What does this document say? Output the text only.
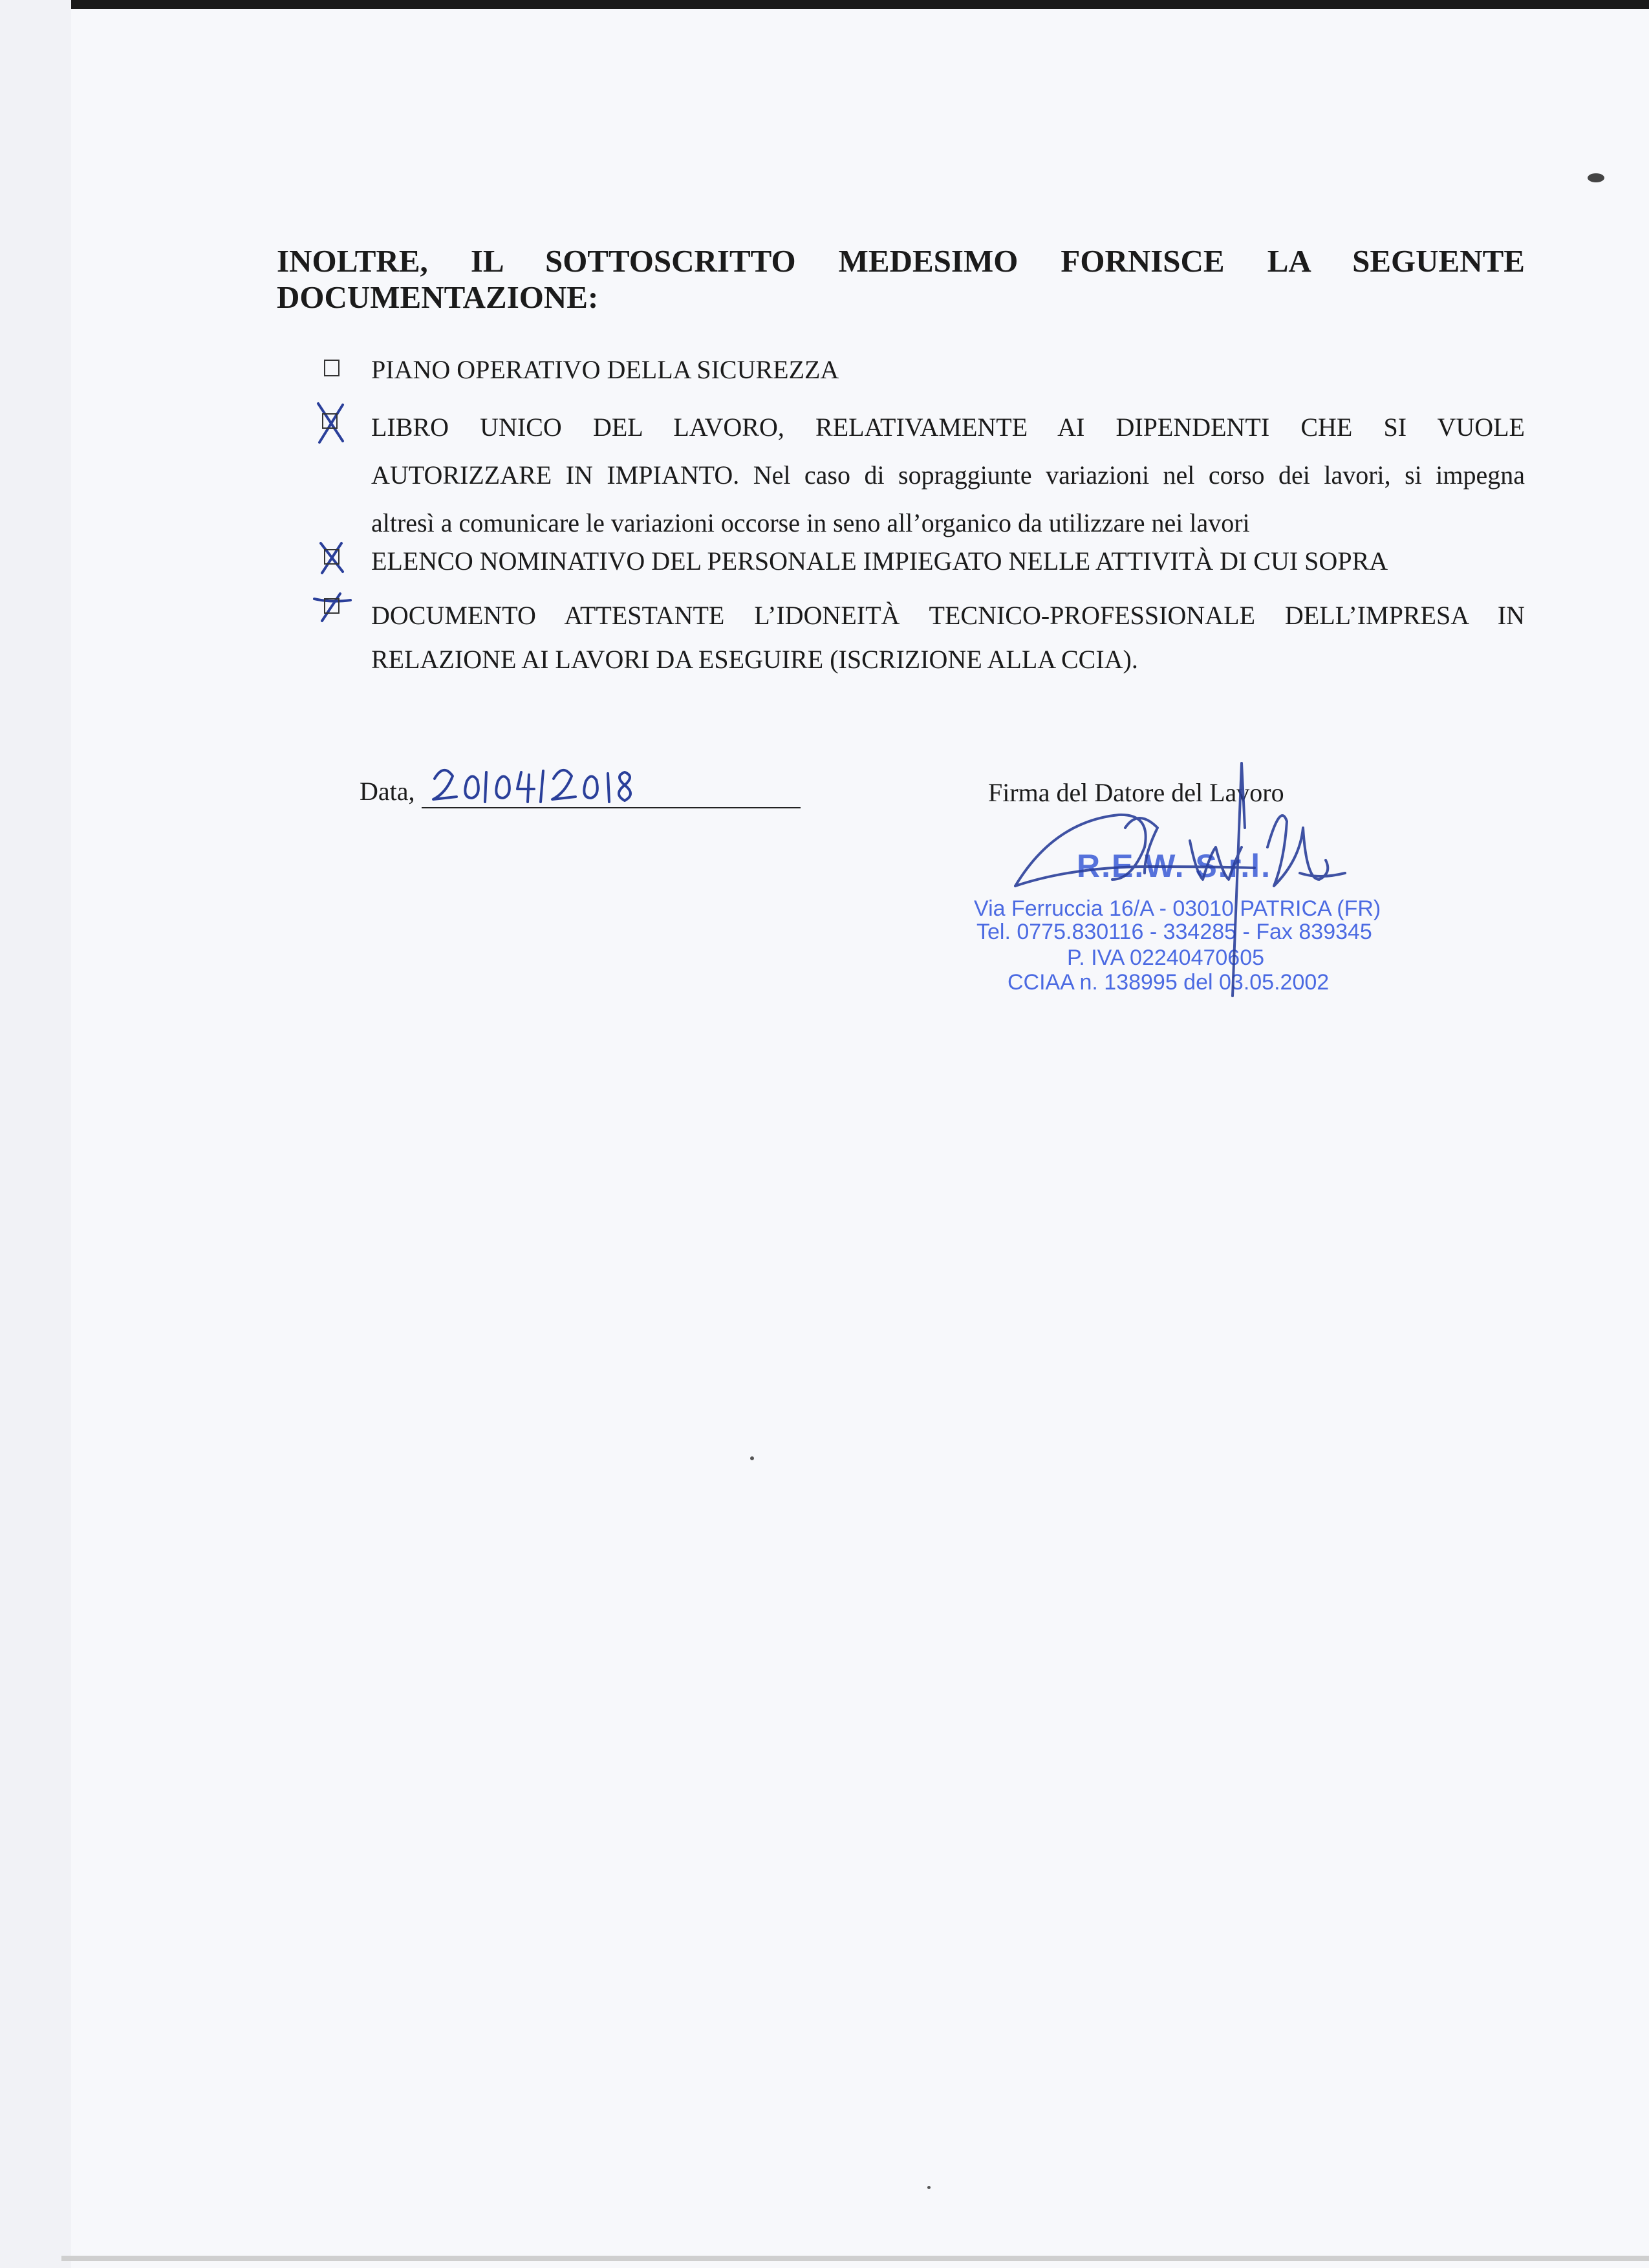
INOLTRE, IL SOTTOSCRITTO MEDESIMO FORNISCE LA SEGUENTE
DOCUMENTAZIONE:
PIANO OPERATIVO DELLA SICUREZZA
LIBRO UNICO DEL LAVORO, RELATIVAMENTE AI DIPENDENTI CHE SI VUOLE
AUTORIZZARE IN IMPIANTO. Nel caso di sopraggiunte variazioni nel corso dei lavori, si impegna
altresì a comunicare le variazioni occorse in seno all’organico da utilizzare nei lavori
ELENCO NOMINATIVO DEL PERSONALE IMPIEGATO NELLE ATTIVITÀ DI CUI SOPRA
DOCUMENTO ATTESTANTE L’IDONEITÀ TECNICO-PROFESSIONALE DELL’IMPRESA IN
RELAZIONE AI LAVORI DA ESEGUIRE (ISCRIZIONE ALLA CCIA).
Data,	Firma del Datore del Lavoro
R.E.W. S.r.l.
Via Ferruccia 16/A - 03010 PATRICA (FR)
Tel. 0775.830116 - 334285 - Fax 839345
P. IVA 02240470605
CCIAA n. 138995 del 03.05.2002
